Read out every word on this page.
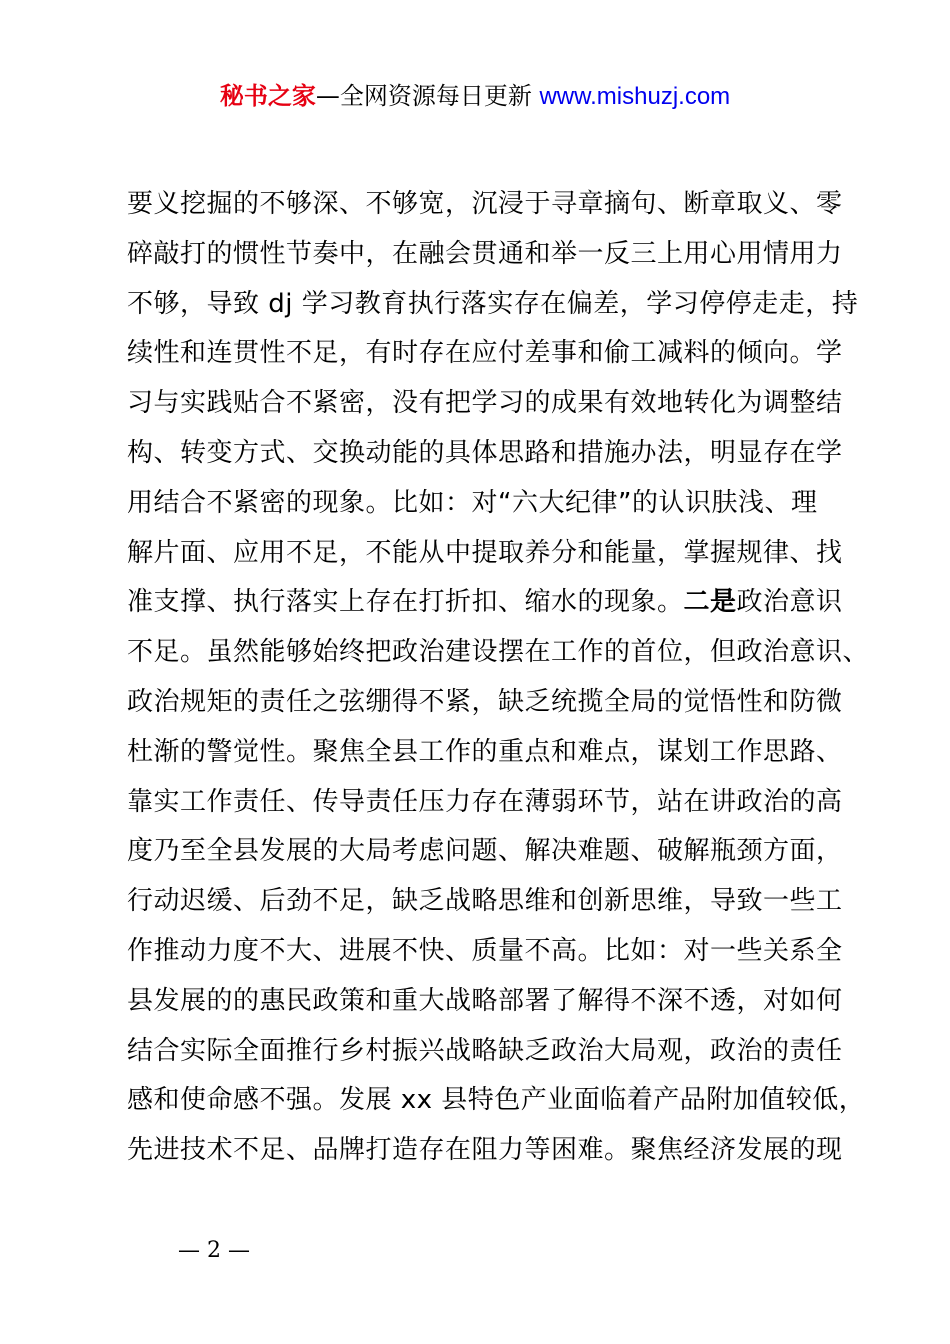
秘书之家—全网资源每日更新 www.mishuzj.com
要义挖掘的不够深、不够宽，沉浸于寻章摘句、断章取义、零
碎敲打的惯性节奏中，在融会贯通和举一反三上用心用情用力
不够，导致 dj 学习教育执行落实存在偏差，学习停停走走，持
续性和连贯性不足，有时存在应付差事和偷工减料的倾向。学
习与实践贴合不紧密，没有把学习的成果有效地转化为调整结
构、转变方式、交换动能的具体思路和措施办法，明显存在学
用结合不紧密的现象。比如：对“六大纪律”的认识肤浅、理
解片面、应用不足，不能从中提取养分和能量，掌握规律、找
准支撑、执行落实上存在打折扣、缩水的现象。二是政治意识
不足。虽然能够始终把政治建设摆在工作的首位，但政治意识、
政治规矩的责任之弦绷得不紧，缺乏统揽全局的觉悟性和防微
杜渐的警觉性。聚焦全县工作的重点和难点，谋划工作思路、
靠实工作责任、传导责任压力存在薄弱环节，站在讲政治的高
度乃至全县发展的大局考虑问题、解决难题、破解瓶颈方面，
行动迟缓、后劲不足，缺乏战略思维和创新思维，导致一些工
作推动力度不大、进展不快、质量不高。比如：对一些关系全
县发展的的惠民政策和重大战略部署了解得不深不透，对如何
结合实际全面推行乡村振兴战略缺乏政治大局观，政治的责任
感和使命感不强。发展 xx 县特色产业面临着产品附加值较低，
先进技术不足、品牌打造存在阻力等困难。聚焦经济发展的现
— 2 —
